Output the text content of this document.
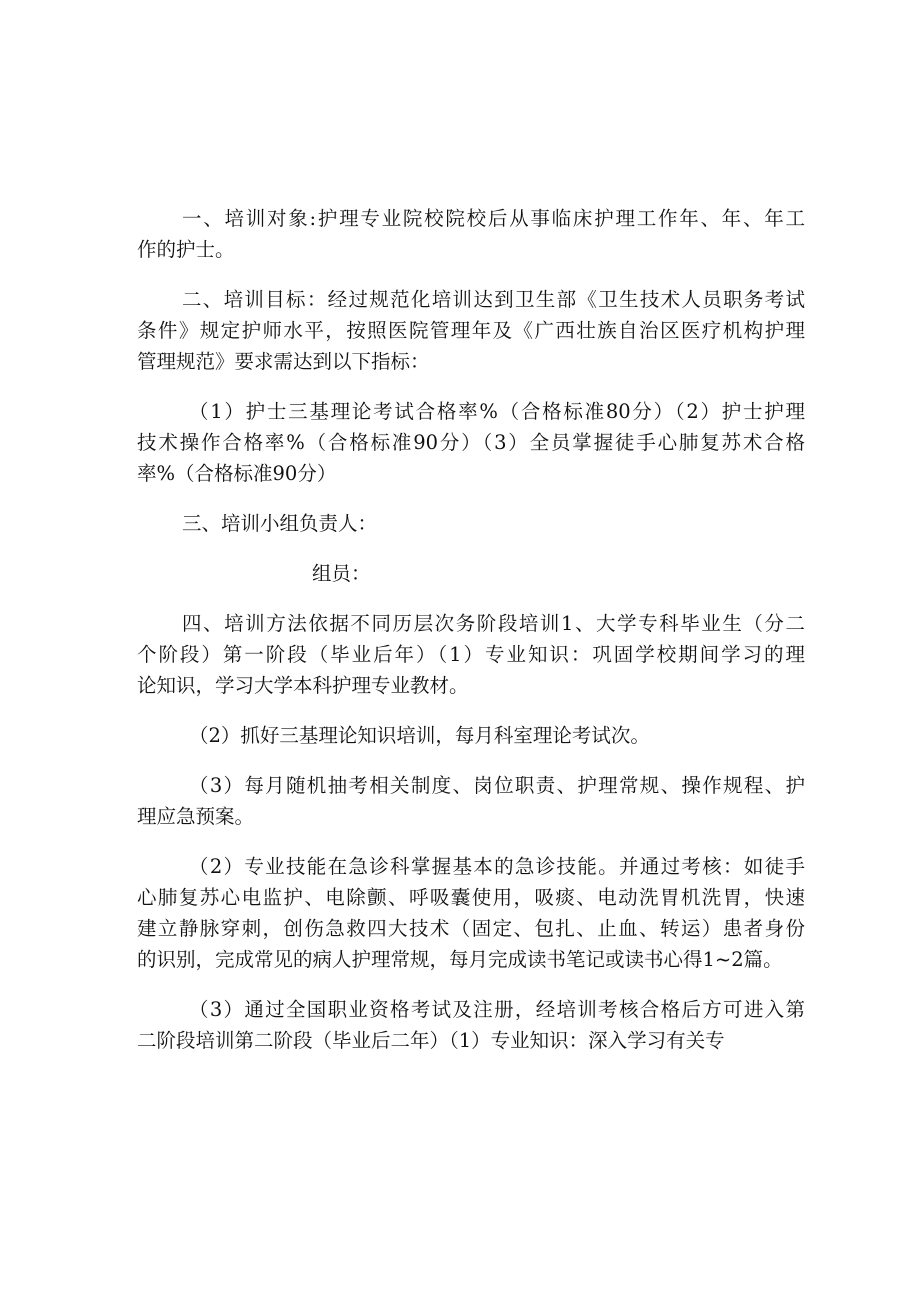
一、培训对象:护理专业院校院校后从事临床护理工作年、年、年工

作的护士。

二、培训目标：经过规范化培训达到卫生部《卫生技术人员职务考试

条件》规定护师水平，按照医院管理年及《广西壮族自治区医疗机构护理

管理规范》要求需达到以下指标：

（1）护士三基理论考试合格率%（合格标准80分）（2）护士护理

技术操作合格率%（合格标准90分）（3）全员掌握徒手心肺复苏术合格

率%（合格标准90分）

三、培训小组负责人：

组员：

四、培训方法依据不同历层次务阶段培训1、大学专科毕业生（分二

个阶段）第一阶段（毕业后年）（1）专业知识：巩固学校期间学习的理

论知识，学习大学本科护理专业教材。

（2）抓好三基理论知识培训，每月科室理论考试次。

（3）每月随机抽考相关制度、岗位职责、护理常规、操作规程、护

理应急预案。

（2）专业技能在急诊科掌握基本的急诊技能。并通过考核：如徒手

心肺复苏心电监护、电除颤、呼吸囊使用，吸痰、电动洗胃机洗胃，快速

建立静脉穿刺，创伤急救四大技术（固定、包扎、止血、转运）患者身份

的识别，完成常见的病人护理常规，每月完成读书笔记或读书心得1~2篇。

（3）通过全国职业资格考试及注册，经培训考核合格后方可进入第

二阶段培训第二阶段（毕业后二年）（1）专业知识：深入学习有关专
